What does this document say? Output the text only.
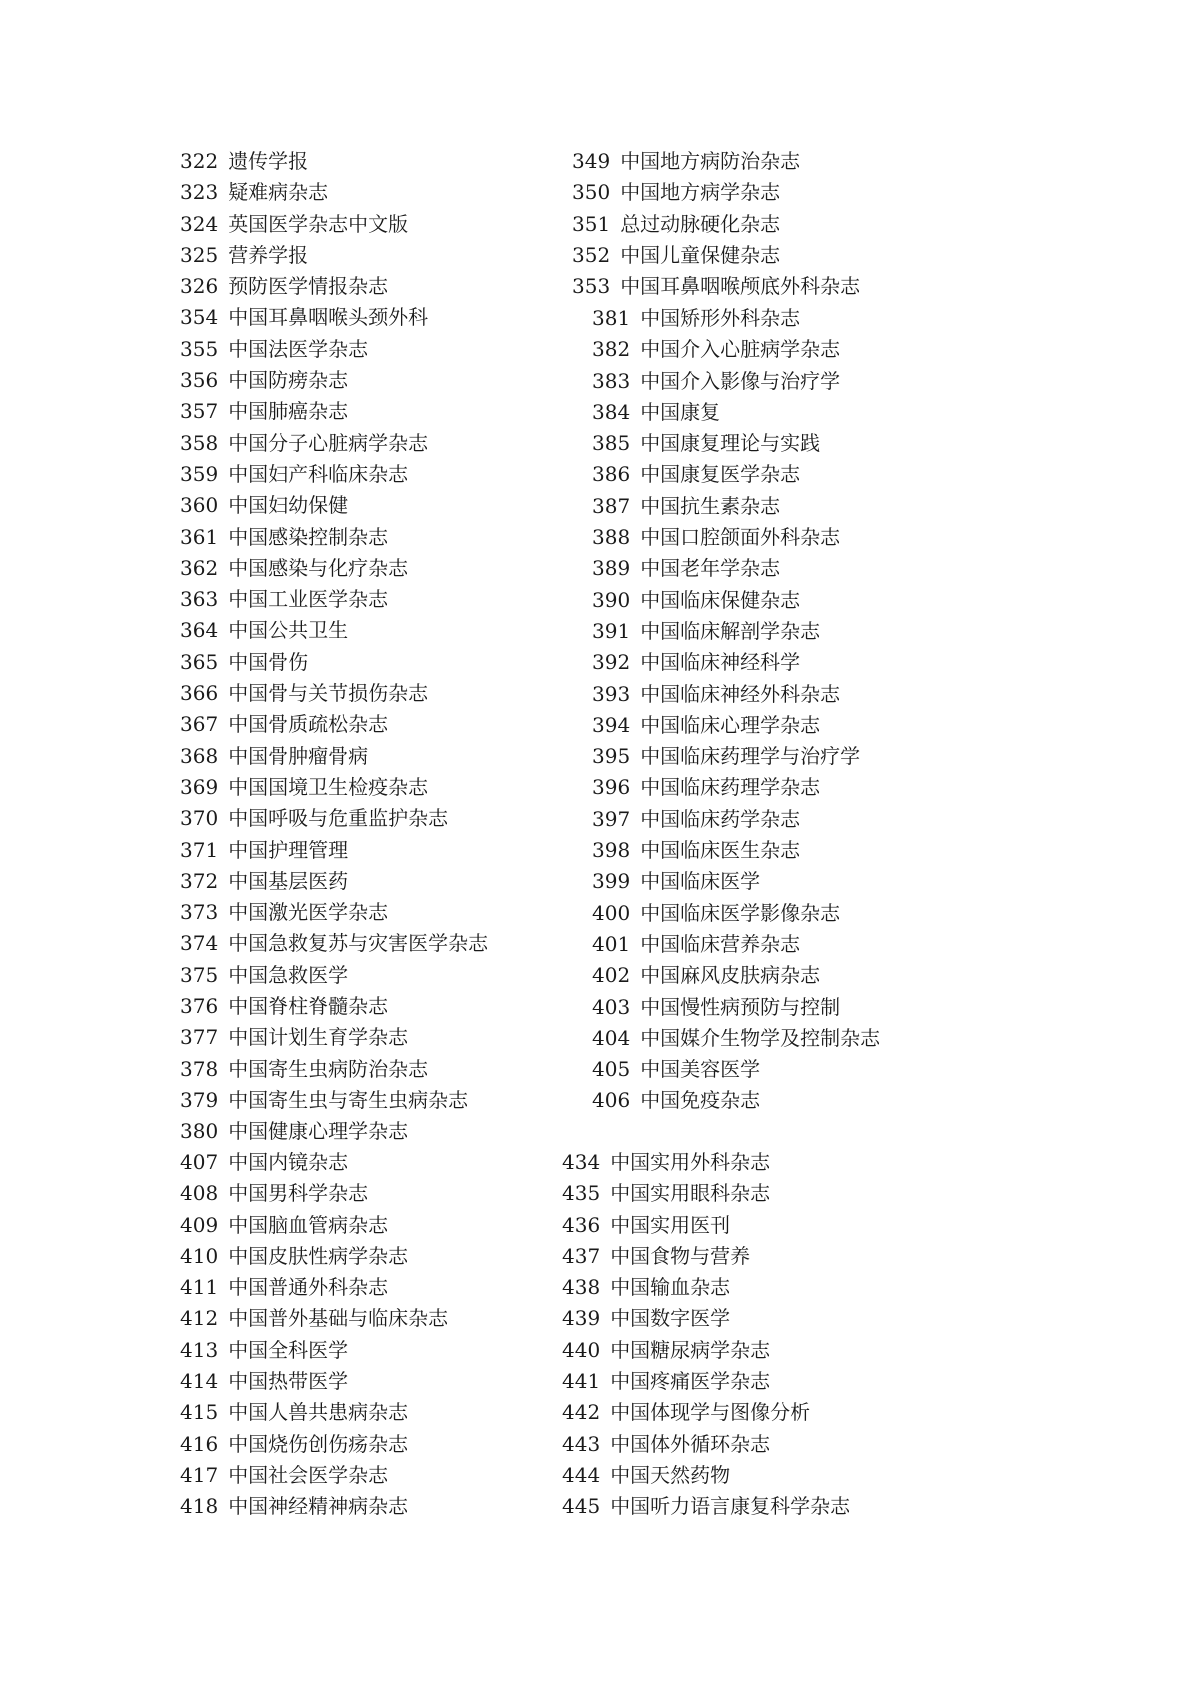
322 遗传学报
323 疑难病杂志
324 英国医学杂志中文版
325 营养学报
326 预防医学情报杂志
354 中国耳鼻咽喉头颈外科
355 中国法医学杂志
356 中国防痨杂志
357 中国肺癌杂志
358 中国分子心脏病学杂志
359 中国妇产科临床杂志
360 中国妇幼保健
361 中国感染控制杂志
362 中国感染与化疗杂志
363 中国工业医学杂志
364 中国公共卫生
365 中国骨伤
366 中国骨与关节损伤杂志
367 中国骨质疏松杂志
368 中国骨肿瘤骨病
369 中国国境卫生检疫杂志
370 中国呼吸与危重监护杂志
371 中国护理管理
372 中国基层医药
373 中国激光医学杂志
374 中国急救复苏与灾害医学杂志
375 中国急救医学
376 中国脊柱脊髓杂志
377 中国计划生育学杂志
378 中国寄生虫病防治杂志
379 中国寄生虫与寄生虫病杂志
380 中国健康心理学杂志
349 中国地方病防治杂志
350 中国地方病学杂志
351 总过动脉硬化杂志
352 中国儿童保健杂志
353 中国耳鼻咽喉颅底外科杂志
381 中国矫形外科杂志
382 中国介入心脏病学杂志
383 中国介入影像与治疗学
384 中国康复
385 中国康复理论与实践
386 中国康复医学杂志
387 中国抗生素杂志
388 中国口腔颌面外科杂志
389 中国老年学杂志
390 中国临床保健杂志
391 中国临床解剖学杂志
392 中国临床神经科学
393 中国临床神经外科杂志
394 中国临床心理学杂志
395 中国临床药理学与治疗学
396 中国临床药理学杂志
397 中国临床药学杂志
398 中国临床医生杂志
399 中国临床医学
400 中国临床医学影像杂志
401 中国临床营养杂志
402 中国麻风皮肤病杂志
403 中国慢性病预防与控制
404 中国媒介生物学及控制杂志
405 中国美容医学
406 中国免疫杂志
407 中国内镜杂志
408 中国男科学杂志
409 中国脑血管病杂志
410 中国皮肤性病学杂志
411 中国普通外科杂志
412 中国普外基础与临床杂志
413 中国全科医学
414 中国热带医学
415 中国人兽共患病杂志
416 中国烧伤创伤疡杂志
417 中国社会医学杂志
418 中国神经精神病杂志
434 中国实用外科杂志
435 中国实用眼科杂志
436 中国实用医刊
437 中国食物与营养
438 中国输血杂志
439 中国数字医学
440 中国糖尿病学杂志
441 中国疼痛医学杂志
442 中国体现学与图像分析
443 中国体外循环杂志
444 中国天然药物
445 中国听力语言康复科学杂志
